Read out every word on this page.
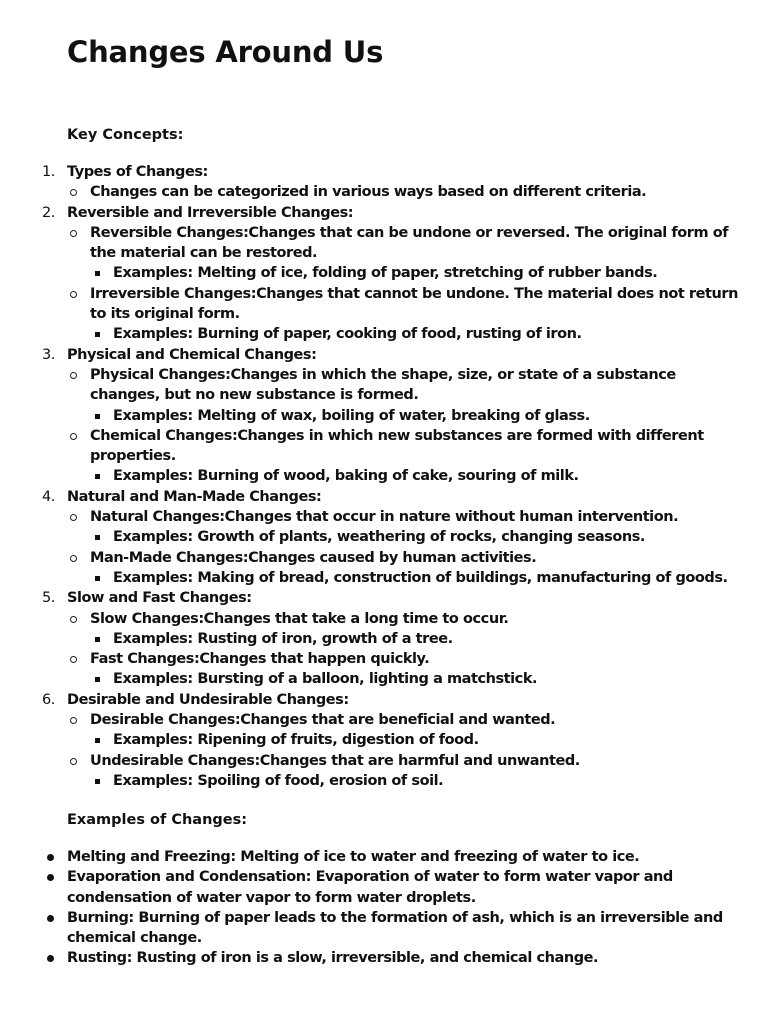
Changes Around Us
Key Concepts:
1. Types of Changes:
Changes can be categorized in various ways based on different criteria.
2. Reversible and Irreversible Changes:
Reversible Changes:Changes that can be undone or reversed. The original form of the material can be restored.
Examples: Melting of ice, folding of paper, stretching of rubber bands.
Irreversible Changes:Changes that cannot be undone. The material does not return to its original form.
Examples: Burning of paper, cooking of food, rusting of iron.
3. Physical and Chemical Changes:
Physical Changes:Changes in which the shape, size, or state of a substance changes, but no new substance is formed.
Examples: Melting of wax, boiling of water, breaking of glass.
Chemical Changes:Changes in which new substances are formed with different properties.
Examples: Burning of wood, baking of cake, souring of milk.
4. Natural and Man-Made Changes:
Natural Changes:Changes that occur in nature without human intervention.
Examples: Growth of plants, weathering of rocks, changing seasons.
Man-Made Changes:Changes caused by human activities.
Examples: Making of bread, construction of buildings, manufacturing of goods.
5. Slow and Fast Changes:
Slow Changes:Changes that take a long time to occur.
Examples: Rusting of iron, growth of a tree.
Fast Changes:Changes that happen quickly.
Examples: Bursting of a balloon, lighting a matchstick.
6. Desirable and Undesirable Changes:
Desirable Changes:Changes that are beneficial and wanted.
Examples: Ripening of fruits, digestion of food.
Undesirable Changes:Changes that are harmful and unwanted.
Examples: Spoiling of food, erosion of soil.
Examples of Changes:
Melting and Freezing: Melting of ice to water and freezing of water to ice.
Evaporation and Condensation: Evaporation of water to form water vapor and condensation of water vapor to form water droplets.
Burning: Burning of paper leads to the formation of ash, which is an irreversible and chemical change.
Rusting: Rusting of iron is a slow, irreversible, and chemical change.
